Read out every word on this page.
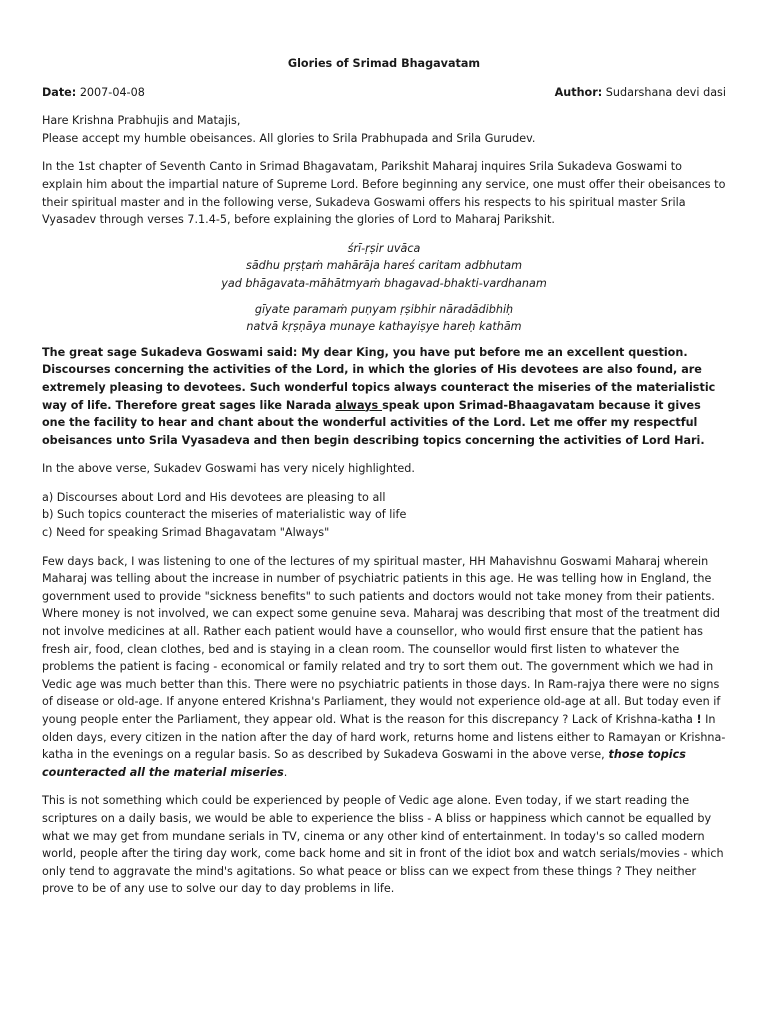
Glories of Srimad Bhagavatam
Date: 2007-04-08	Author: Sudarshana devi dasi

Hare Krishna Prabhujis and Matajis,
Please accept my humble obeisances. All glories to Srila Prabhupada and Srila Gurudev.

In the 1st chapter of Seventh Canto in Srimad Bhagavatam, Parikshit Maharaj inquires Srila Sukadeva Goswami to explain him about the impartial nature of Supreme Lord. Before beginning any service, one must offer their obeisances to their spiritual master and in the following verse, Sukadeva Goswami offers his respects to his spiritual master Srila Vyasadev through verses 7.1.4-5, before explaining the glories of Lord to Maharaj Parikshit.

śrī-ṛṣir uvāca
sādhu pṛṣṭaṁ mahārāja hareś caritam adbhutam
yad bhāgavata-māhātmyaṁ bhagavad-bhakti-vardhanam
gīyate paramaṁ puṇyam ṛṣibhir nāradādibhiḥ
natvā kṛṣṇāya munaye kathayiṣye hareḥ kathām

The great sage Sukadeva Goswami said: My dear King, you have put before me an excellent question. Discourses concerning the activities of the Lord, in which the glories of His devotees are also found, are extremely pleasing to devotees. Such wonderful topics always counteract the miseries of the materialistic way of life. Therefore great sages like Narada always speak upon Srimad-Bhaagavatam because it gives one the facility to hear and chant about the wonderful activities of the Lord. Let me offer my respectful obeisances unto Srila Vyasadeva and then begin describing topics concerning the activities of Lord Hari.

In the above verse, Sukadev Goswami has very nicely highlighted.

a) Discourses about Lord and His devotees are pleasing to all
b) Such topics counteract the miseries of materialistic way of life
c) Need for speaking Srimad Bhagavatam "Always"

Few days back, I was listening to one of the lectures of my spiritual master, HH Mahavishnu Goswami Maharaj wherein Maharaj was telling about the increase in number of psychiatric patients in this age. He was telling how in England, the government used to provide "sickness benefits" to such patients and doctors would not take money from their patients. Where money is not involved, we can expect some genuine seva. Maharaj was describing that most of the treatment did not involve medicines at all. Rather each patient would have a counsellor, who would first ensure that the patient has fresh air, food, clean clothes, bed and is staying in a clean room. The counsellor would first listen to whatever the problems the patient is facing - economical or family related and try to sort them out. The government which we had in Vedic age was much better than this. There were no psychiatric patients in those days. In Ram-rajya there were no signs of disease or old-age. If anyone entered Krishna's Parliament, they would not experience old-age at all. But today even if young people enter the Parliament, they appear old. What is the reason for this discrepancy ? Lack of Krishna-katha ! In olden days, every citizen in the nation after the day of hard work, returns home and listens either to Ramayan or Krishna-katha in the evenings on a regular basis. So as described by Sukadeva Goswami in the above verse, those topics counteracted all the material miseries.

This is not something which could be experienced by people of Vedic age alone. Even today, if we start reading the scriptures on a daily basis, we would be able to experience the bliss - A bliss or happiness which cannot be equalled by what we may get from mundane serials in TV, cinema or any other kind of entertainment. In today's so called modern world, people after the tiring day work, come back home and sit in front of the idiot box and watch serials/movies - which only tend to aggravate the mind's agitations. So what peace or bliss can we expect from these things ? They neither prove to be of any use to solve our day to day problems in life.
